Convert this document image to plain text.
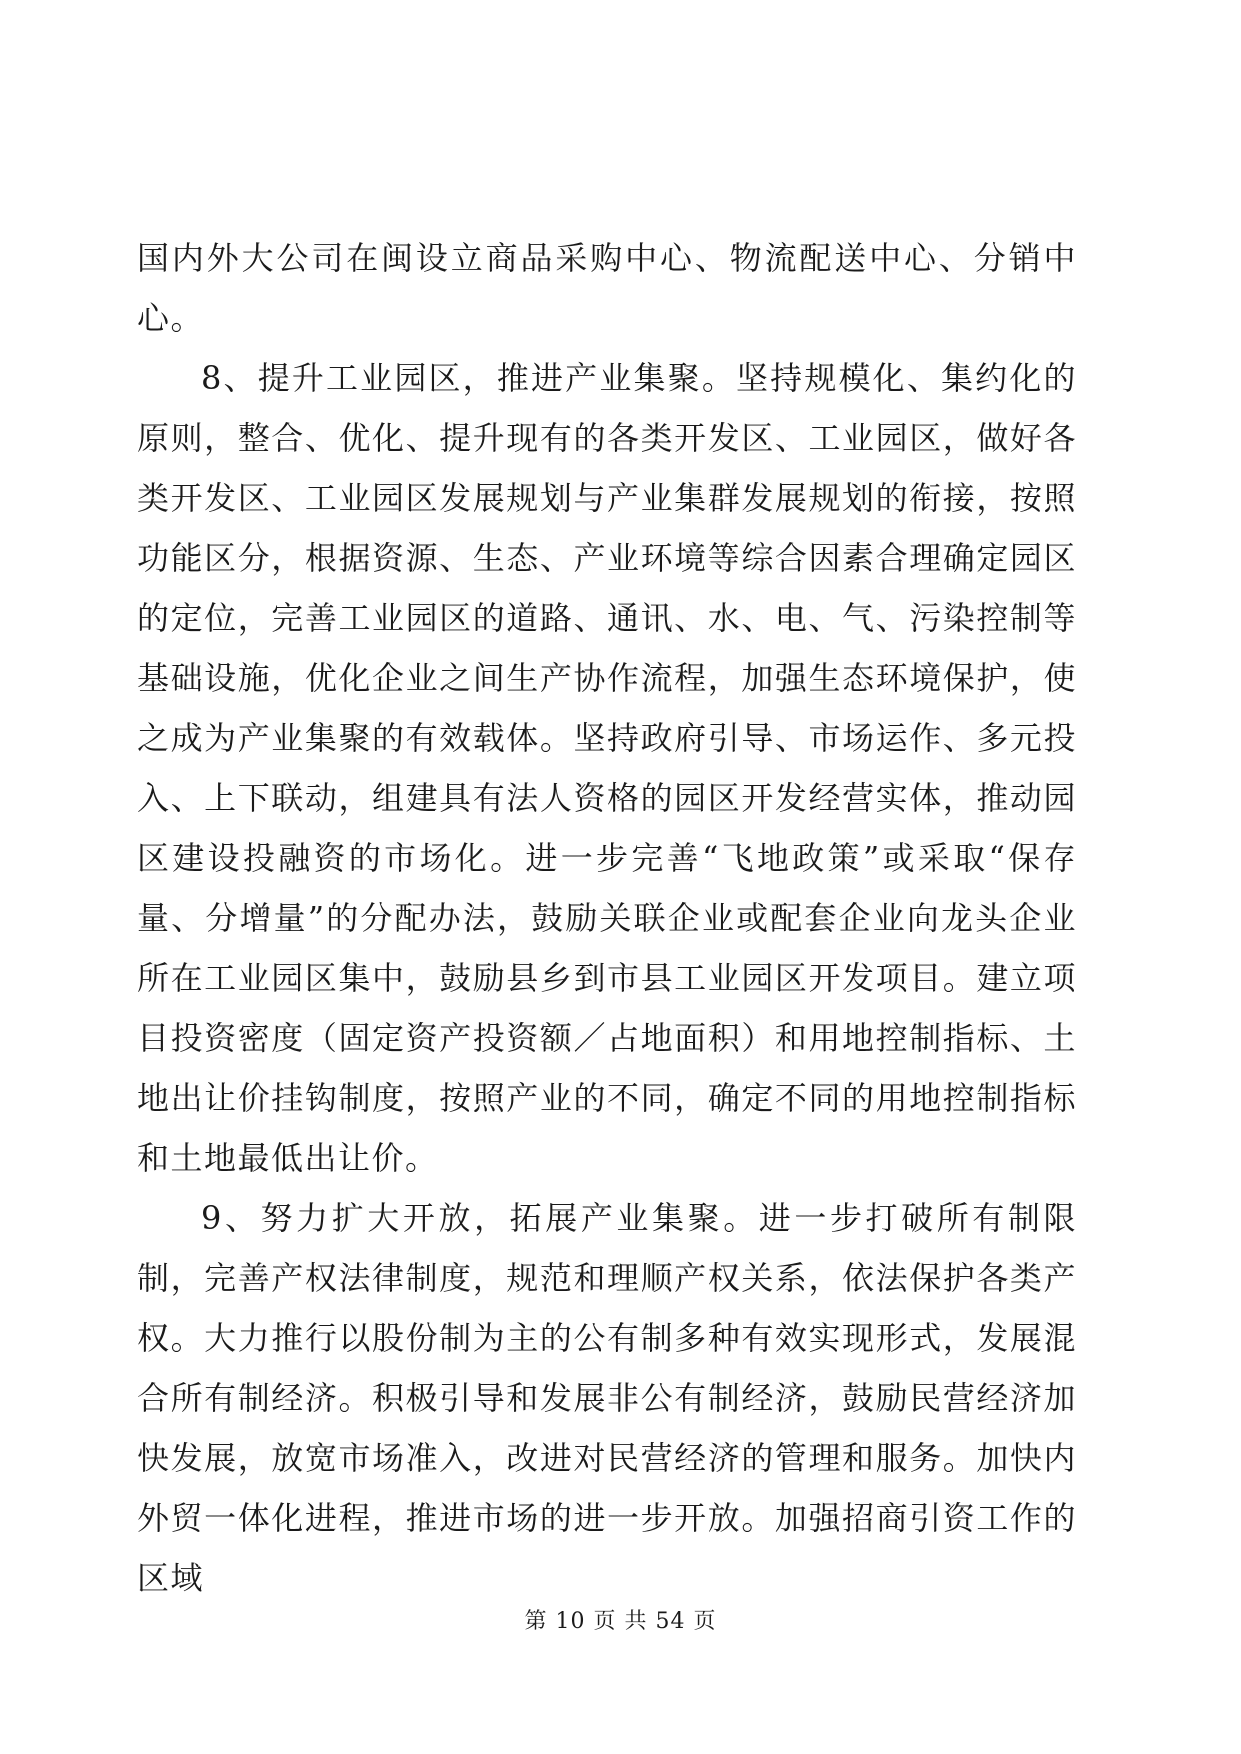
国内外大公司在闽设立商品采购中心、物流配送中心、分销中心。

8、提升工业园区，推进产业集聚。坚持规模化、集约化的原则，整合、优化、提升现有的各类开发区、工业园区，做好各类开发区、工业园区发展规划与产业集群发展规划的衔接，按照功能区分，根据资源、生态、产业环境等综合因素合理确定园区的定位，完善工业园区的道路、通讯、水、电、气、污染控制等基础设施，优化企业之间生产协作流程，加强生态环境保护，使之成为产业集聚的有效载体。坚持政府引导、市场运作、多元投入、上下联动，组建具有法人资格的园区开发经营实体，推动园区建设投融资的市场化。进一步完善“飞地政策”或采取“保存量、分增量”的分配办法，鼓励关联企业或配套企业向龙头企业所在工业园区集中，鼓励县乡到市县工业园区开发项目。建立项目投资密度（固定资产投资额／占地面积）和用地控制指标、土地出让价挂钩制度，按照产业的不同，确定不同的用地控制指标和土地最低出让价。

9、努力扩大开放，拓展产业集聚。进一步打破所有制限制，完善产权法律制度，规范和理顺产权关系，依法保护各类产权。大力推行以股份制为主的公有制多种有效实现形式，发展混合所有制经济。积极引导和发展非公有制经济，鼓励民营经济加快发展，放宽市场准入，改进对民营经济的管理和服务。加快内外贸一体化进程，推进市场的进一步开放。加强招商引资工作的区域

第 10 页 共 54 页
